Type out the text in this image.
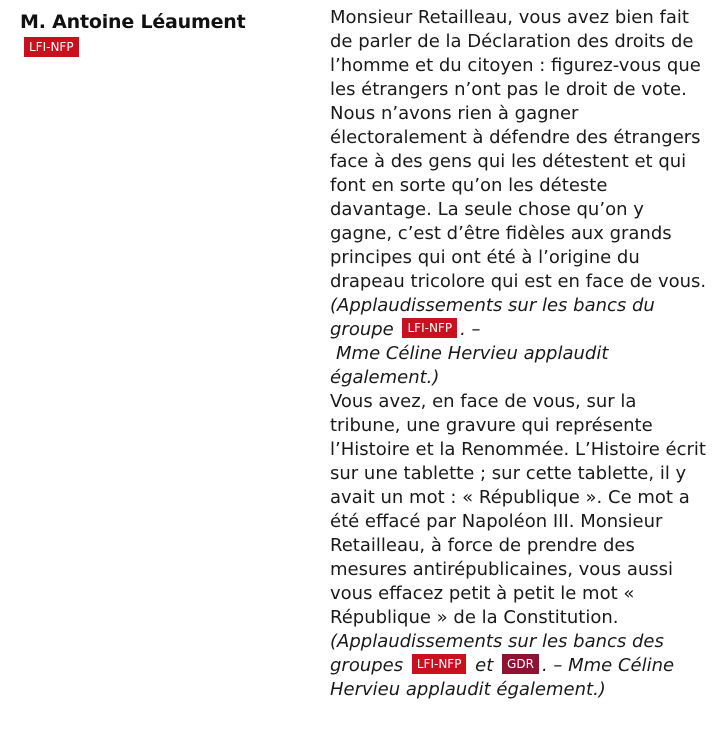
M. Antoine Léaument
LFI-NFP

Monsieur Retailleau, vous avez bien fait de parler de la Déclaration des droits de l’homme et du citoyen : figurez-vous que les étrangers n’ont pas le droit de vote. Nous n’avons rien à gagner électoralement à défendre des étrangers face à des gens qui les détestent et qui font en sorte qu’on les déteste davantage. La seule chose qu’on y gagne, c’est d’être fidèles aux grands principes qui ont été à l’origine du drapeau tricolore qui est en face de vous. (Applaudissements sur les bancs du groupe LFI-NFP . –
Mme Céline Hervieu applaudit également.)

Vous avez, en face de vous, sur la tribune, une gravure qui représente l’Histoire et la Renommée. L’Histoire écrit sur une tablette ; sur cette tablette, il y avait un mot : « République ». Ce mot a été effacé par Napoléon III. Monsieur Retailleau, à force de prendre des mesures antirépublicaines, vous aussi vous effacez petit à petit le mot « République » de la Constitution. (Applaudissements sur les bancs des groupes LFI-NFP et GDR . – Mme Céline Hervieu applaudit également.)
